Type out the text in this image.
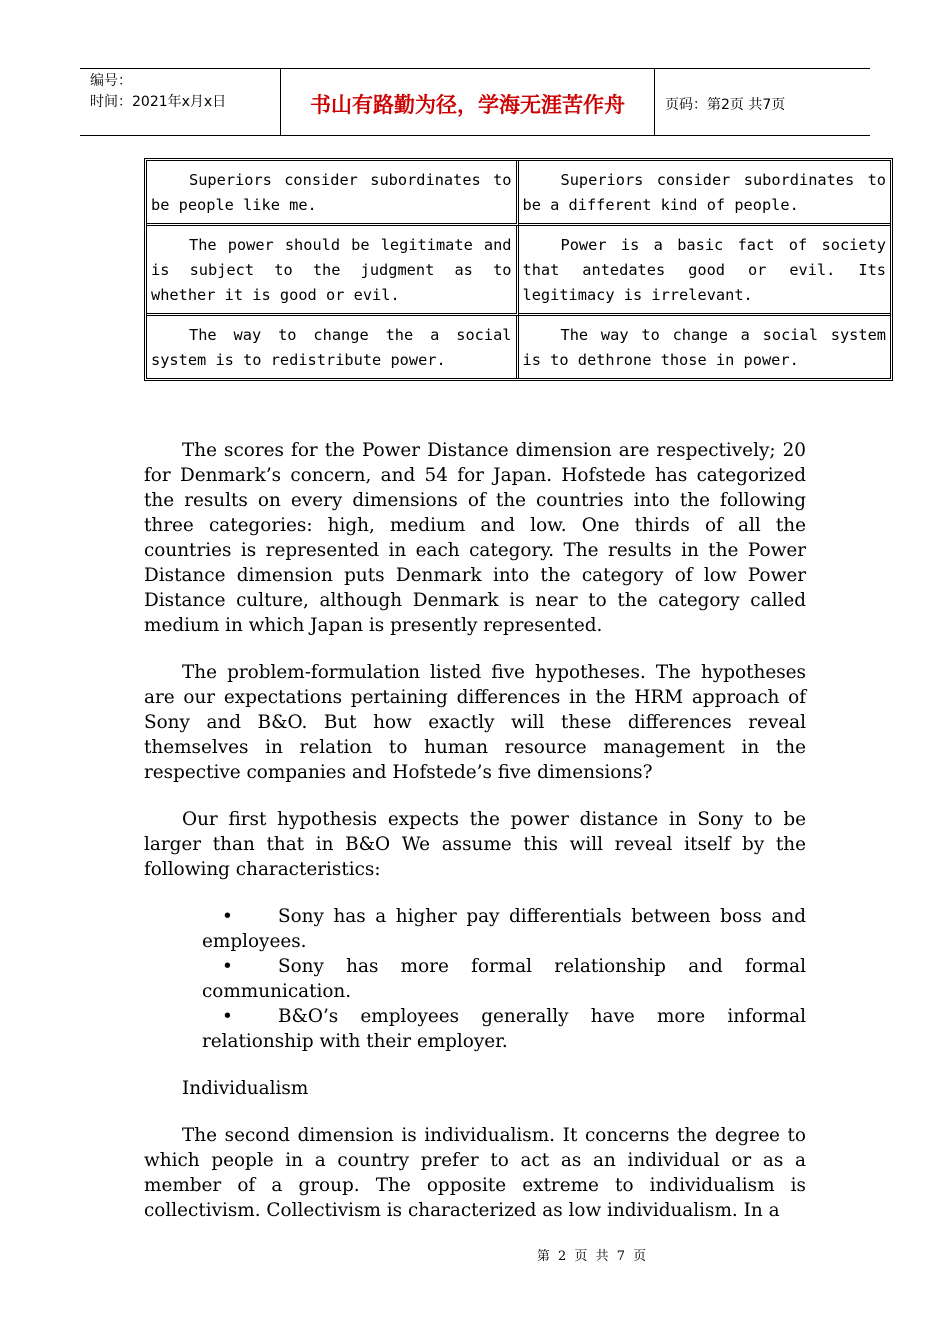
编号：
时间：2021年x月x日	书山有路勤为径，学海无涯苦作舟	页码：第2页 共7页
Superiors consider subordinates to be people like me.	Superiors consider subordinates to be a different kind of people.
The power should be legitimate and is subject to the judgment as to whether it is good or evil.	Power is a basic fact of society that antedates good or evil. Its legitimacy is irrelevant.
The way to change the a social system is to redistribute power.	The way to change a social system is to dethrone those in power.

The scores for the Power Distance dimension are respectively; 20 for Denmark’s concern, and 54 for Japan. Hofstede has categorized the results on every dimensions of the countries into the following three categories: high, medium and low. One thirds of all the countries is represented in each category. The results in the Power Distance dimension puts Denmark into the category of low Power Distance culture, although Denmark is near to the category called medium in which Japan is presently represented.

The problem-formulation listed five hypotheses. The hypotheses are our expectations pertaining differences in the HRM approach of Sony and B&O. But how exactly will these differences reveal themselves in relation to human resource management in the respective companies and Hofstede’s five dimensions?

Our first hypothesis expects the power distance in Sony to be larger than that in B&O We assume this will reveal itself by the following characteristics:

• Sony has a higher pay differentials between boss and employees.
• Sony has more formal relationship and formal communication.
• B&O’s employees generally have more informal relationship with their employer.

Individualism

The second dimension is individualism. It concerns the degree to which people in a country prefer to act as an individual or as a member of a group. The opposite extreme to individualism is collectivism. Collectivism is characterized as low individualism. In a

第 2 页 共 7 页
